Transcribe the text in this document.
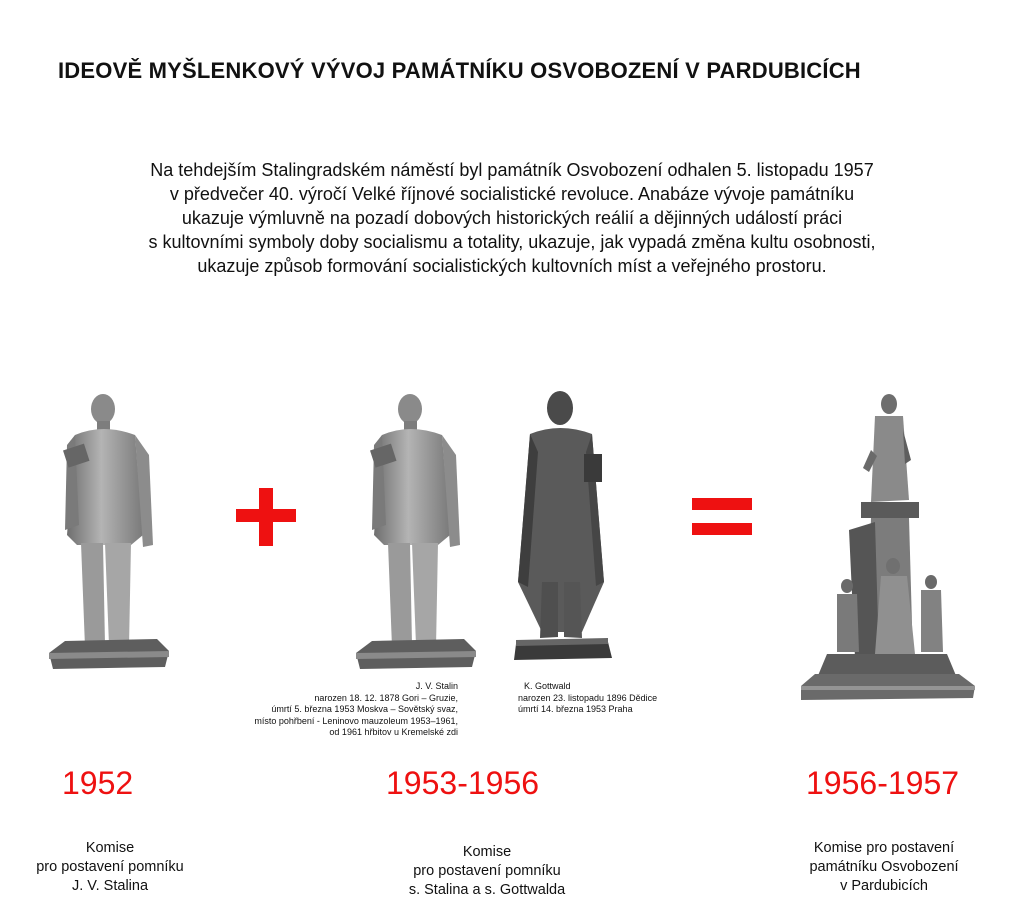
IDEOVĚ MYŠLENKOVÝ VÝVOJ PAMÁTNÍKU OSVOBOZENÍ V PARDUBICÍCH
Na tehdejším Stalingradském náměstí byl památník Osvobození odhalen 5. listopadu 1957
v předvečer 40. výročí Velké říjnové socialistické revoluce. Anabáze vývoje památníku
ukazuje výmluvně na pozadí dobových historických reálií a dějinných událostí práci
s kultovními symboly doby socialismu a totality, ukazuje, jak vypadá změna kultu osobnosti,
ukazuje způsob formování socialistických kultovních míst a veřejného prostoru.
J. V. Stalin
narozen 18. 12. 1878 Gori – Gruzie,
úmrtí 5. března 1953 Moskva – Sovětský svaz,
místo pohřbení - Leninovo mauzoleum 1953–1961,
od 1961 hřbitov u Kremelské zdi
K. Gottwald
narozen 23. listopadu 1896 Dědice
úmrtí 14. března 1953 Praha
1952	1953-1956	1956-1957
Komise
pro postavení pomníku
J. V. Stalina
Komise
pro postavení pomníku
s. Stalina a s. Gottwalda
Komise pro postavení
památníku Osvobození
v Pardubicích
